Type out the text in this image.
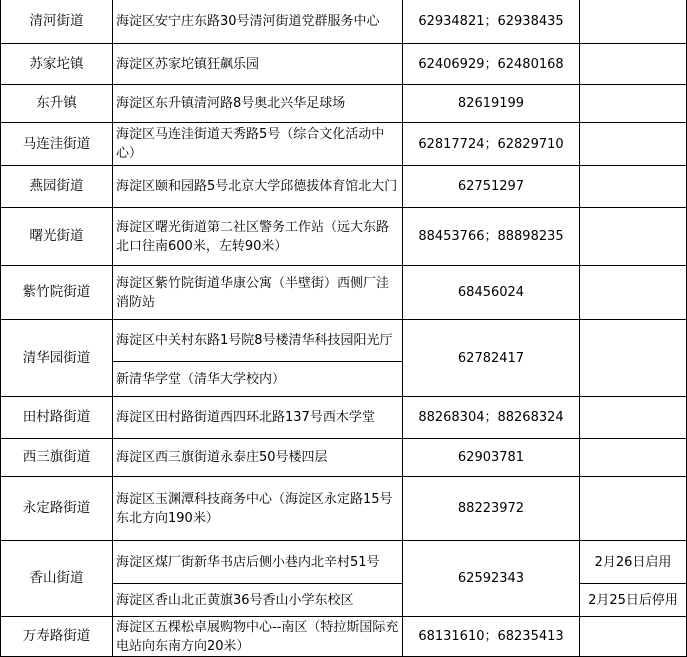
清河街道	海淀区安宁庄东路30号清河街道党群服务中心	62934821；62938435	
苏家坨镇	海淀区苏家坨镇狂飙乐园	62406929；62480168	
东升镇	海淀区东升镇清河路8号奥北兴华足球场	82619199	
马连洼街道	海淀区马连洼街道天秀路5号（综合文化活动中心）	62817724；62829710	
燕园街道	海淀区颐和园路5号北京大学邱德拔体育馆北大门	62751297	
曙光街道	海淀区曙光街道第二社区警务工作站（远大东路北口往南600米，左转90米）	88453766；88898235	
紫竹院街道	海淀区紫竹院街道华康公寓（半壁街）西侧厂洼消防站	68456024	
清华园街道	海淀区中关村东路1号院8号楼清华科技园阳光厅	62782417	
	新清华学堂（清华大学校内）		
田村路街道	海淀区田村路街道西四环北路137号西木学堂	88268304；88268324	
西三旗街道	海淀区西三旗街道永泰庄50号楼四层	62903781	
永定路街道	海淀区玉渊潭科技商务中心（海淀区永定路15号东北方向190米）	88223972	
香山街道	海淀区煤厂街新华书店后侧小巷内北辛村51号	62592343	2月26日启用
	海淀区香山北正黄旗36号香山小学东校区		2月25日后停用
万寿路街道	海淀区五棵松卓展购物中心--南区（特拉斯国际充电站向东南方向20米）	68131610；68235413	
